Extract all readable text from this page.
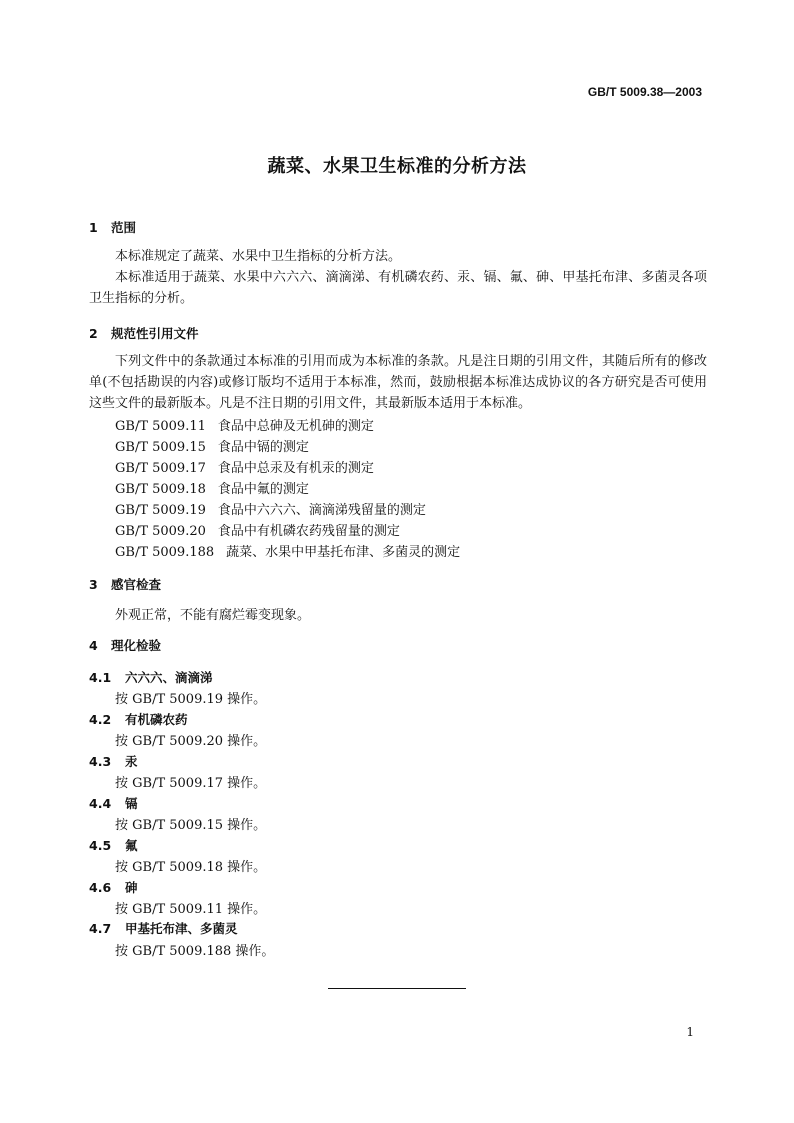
GB/T 5009.38—2003
蔬菜、水果卫生标准的分析方法
1 范围
本标准规定了蔬菜、水果中卫生指标的分析方法。
本标准适用于蔬菜、水果中六六六、滴滴涕、有机磷农药、汞、镉、氟、砷、甲基托布津、多菌灵各项卫生指标的分析。
2 规范性引用文件
下列文件中的条款通过本标准的引用而成为本标准的条款。凡是注日期的引用文件，其随后所有的修改单(不包括勘误的内容)或修订版均不适用于本标准，然而，鼓励根据本标准达成协议的各方研究是否可使用这些文件的最新版本。凡是不注日期的引用文件，其最新版本适用于本标准。
GB/T 5009.11 食品中总砷及无机砷的测定
GB/T 5009.15 食品中镉的测定
GB/T 5009.17 食品中总汞及有机汞的测定
GB/T 5009.18 食品中氟的测定
GB/T 5009.19 食品中六六六、滴滴涕残留量的测定
GB/T 5009.20 食品中有机磷农药残留量的测定
GB/T 5009.188 蔬菜、水果中甲基托布津、多菌灵的测定
3 感官检查
外观正常，不能有腐烂霉变现象。
4 理化检验
4.1 六六六、滴滴涕
按 GB/T 5009.19 操作。
4.2 有机磷农药
按 GB/T 5009.20 操作。
4.3 汞
按 GB/T 5009.17 操作。
4.4 镉
按 GB/T 5009.15 操作。
4.5 氟
按 GB/T 5009.18 操作。
4.6 砷
按 GB/T 5009.11 操作。
4.7 甲基托布津、多菌灵
按 GB/T 5009.188 操作。
1
